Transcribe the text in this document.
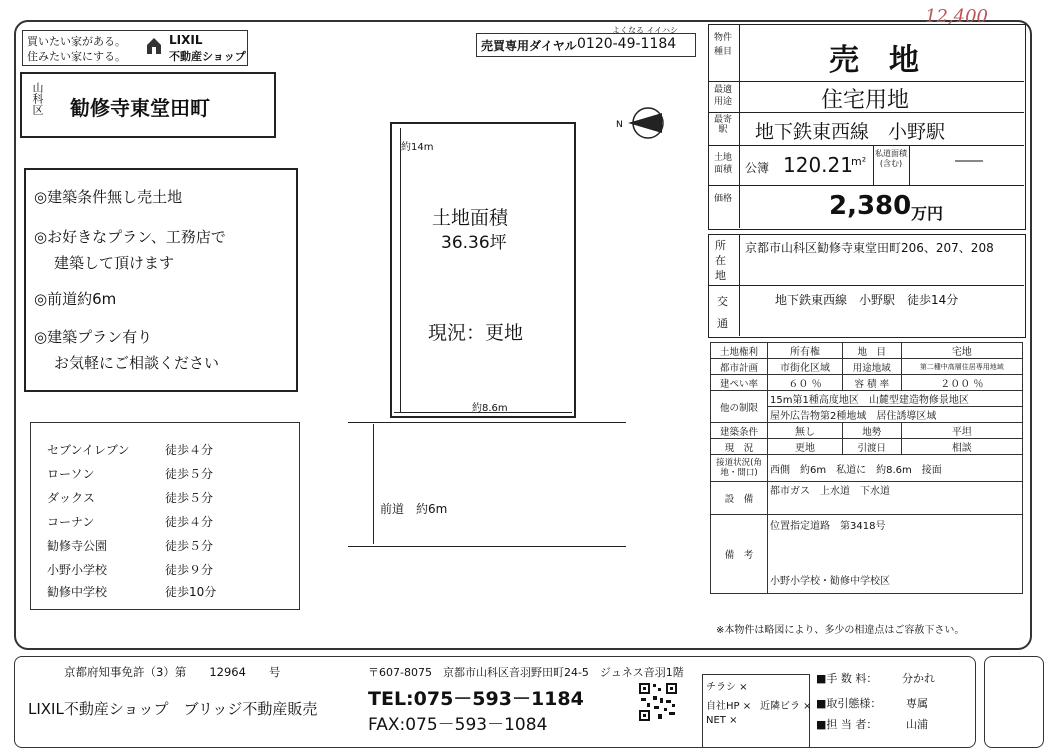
12,400
買いたい家がある。
住みたい家にする。
LIXIL
不動産ショップ
よくなる イイハシ
売買専用ダイヤル 0120-49-1184
山科区 勧修寺東堂田町
◎建築条件無し売土地
◎お好きなプラン、工務店で
建築して頂けます
◎前道約6m
◎建築プラン有り
お気軽にご相談ください
セブンイレブン	徒歩４分
ローソン	徒歩５分
ダックス	徒歩５分
コーナン	徒歩４分
勧修寺公園	徒歩５分
小野小学校	徒歩９分
勧修中学校	徒歩10分
約14m
約8.6m
土地面積
36.36坪
現況：更地
N
前道　約6m
物件種目	売　地
最適用途	住宅用地
最寄駅	地下鉄東西線　小野駅
土地面積 公簿 120.21
m²
私道面積(含む)	――
価格	2,380 万円
所在地
京都市山科区勧修寺東堂田町206、207、208
交通
地下鉄東西線　小野駅　徒歩14分
土地権利	所有権	地　目	宅地
都市計画	市街化区域	用途地域	第二種中高層住居専用地域
建ぺい率	６０ ％	容 積 率	２００ ％
他の制限	15m第1種高度地区　山麓型建造物修景地区		
	屋外広告物第2種地域　居住誘導区域		
建築条件	無し	地勢	平坦
現　況	更地	引渡日	相談
接道状況(角地・間口)	西側　約6m　私道に　約8.6m　接面		
設　備	都市ガス　上水道　下水道		
備　考	位置指定道路　第3418号
小野小学校・勧修中学校区		
※本物件は略図により、多少の相違点はご容赦下さい。
京都府知事免許（3）第　　12964　　号	〒607-8075　京都市山科区音羽野田町24-5　ジュネス音羽1階
LIXIL不動産ショップ　ブリッジ不動産販売	TEL:075－593－1184
FAX:075－593－1084
チラシ ×
自社HP × 近隣ビラ ×
NET ×
■手 数 料： 分かれ
■取引態様： 専属
■担 当 者：	山浦
